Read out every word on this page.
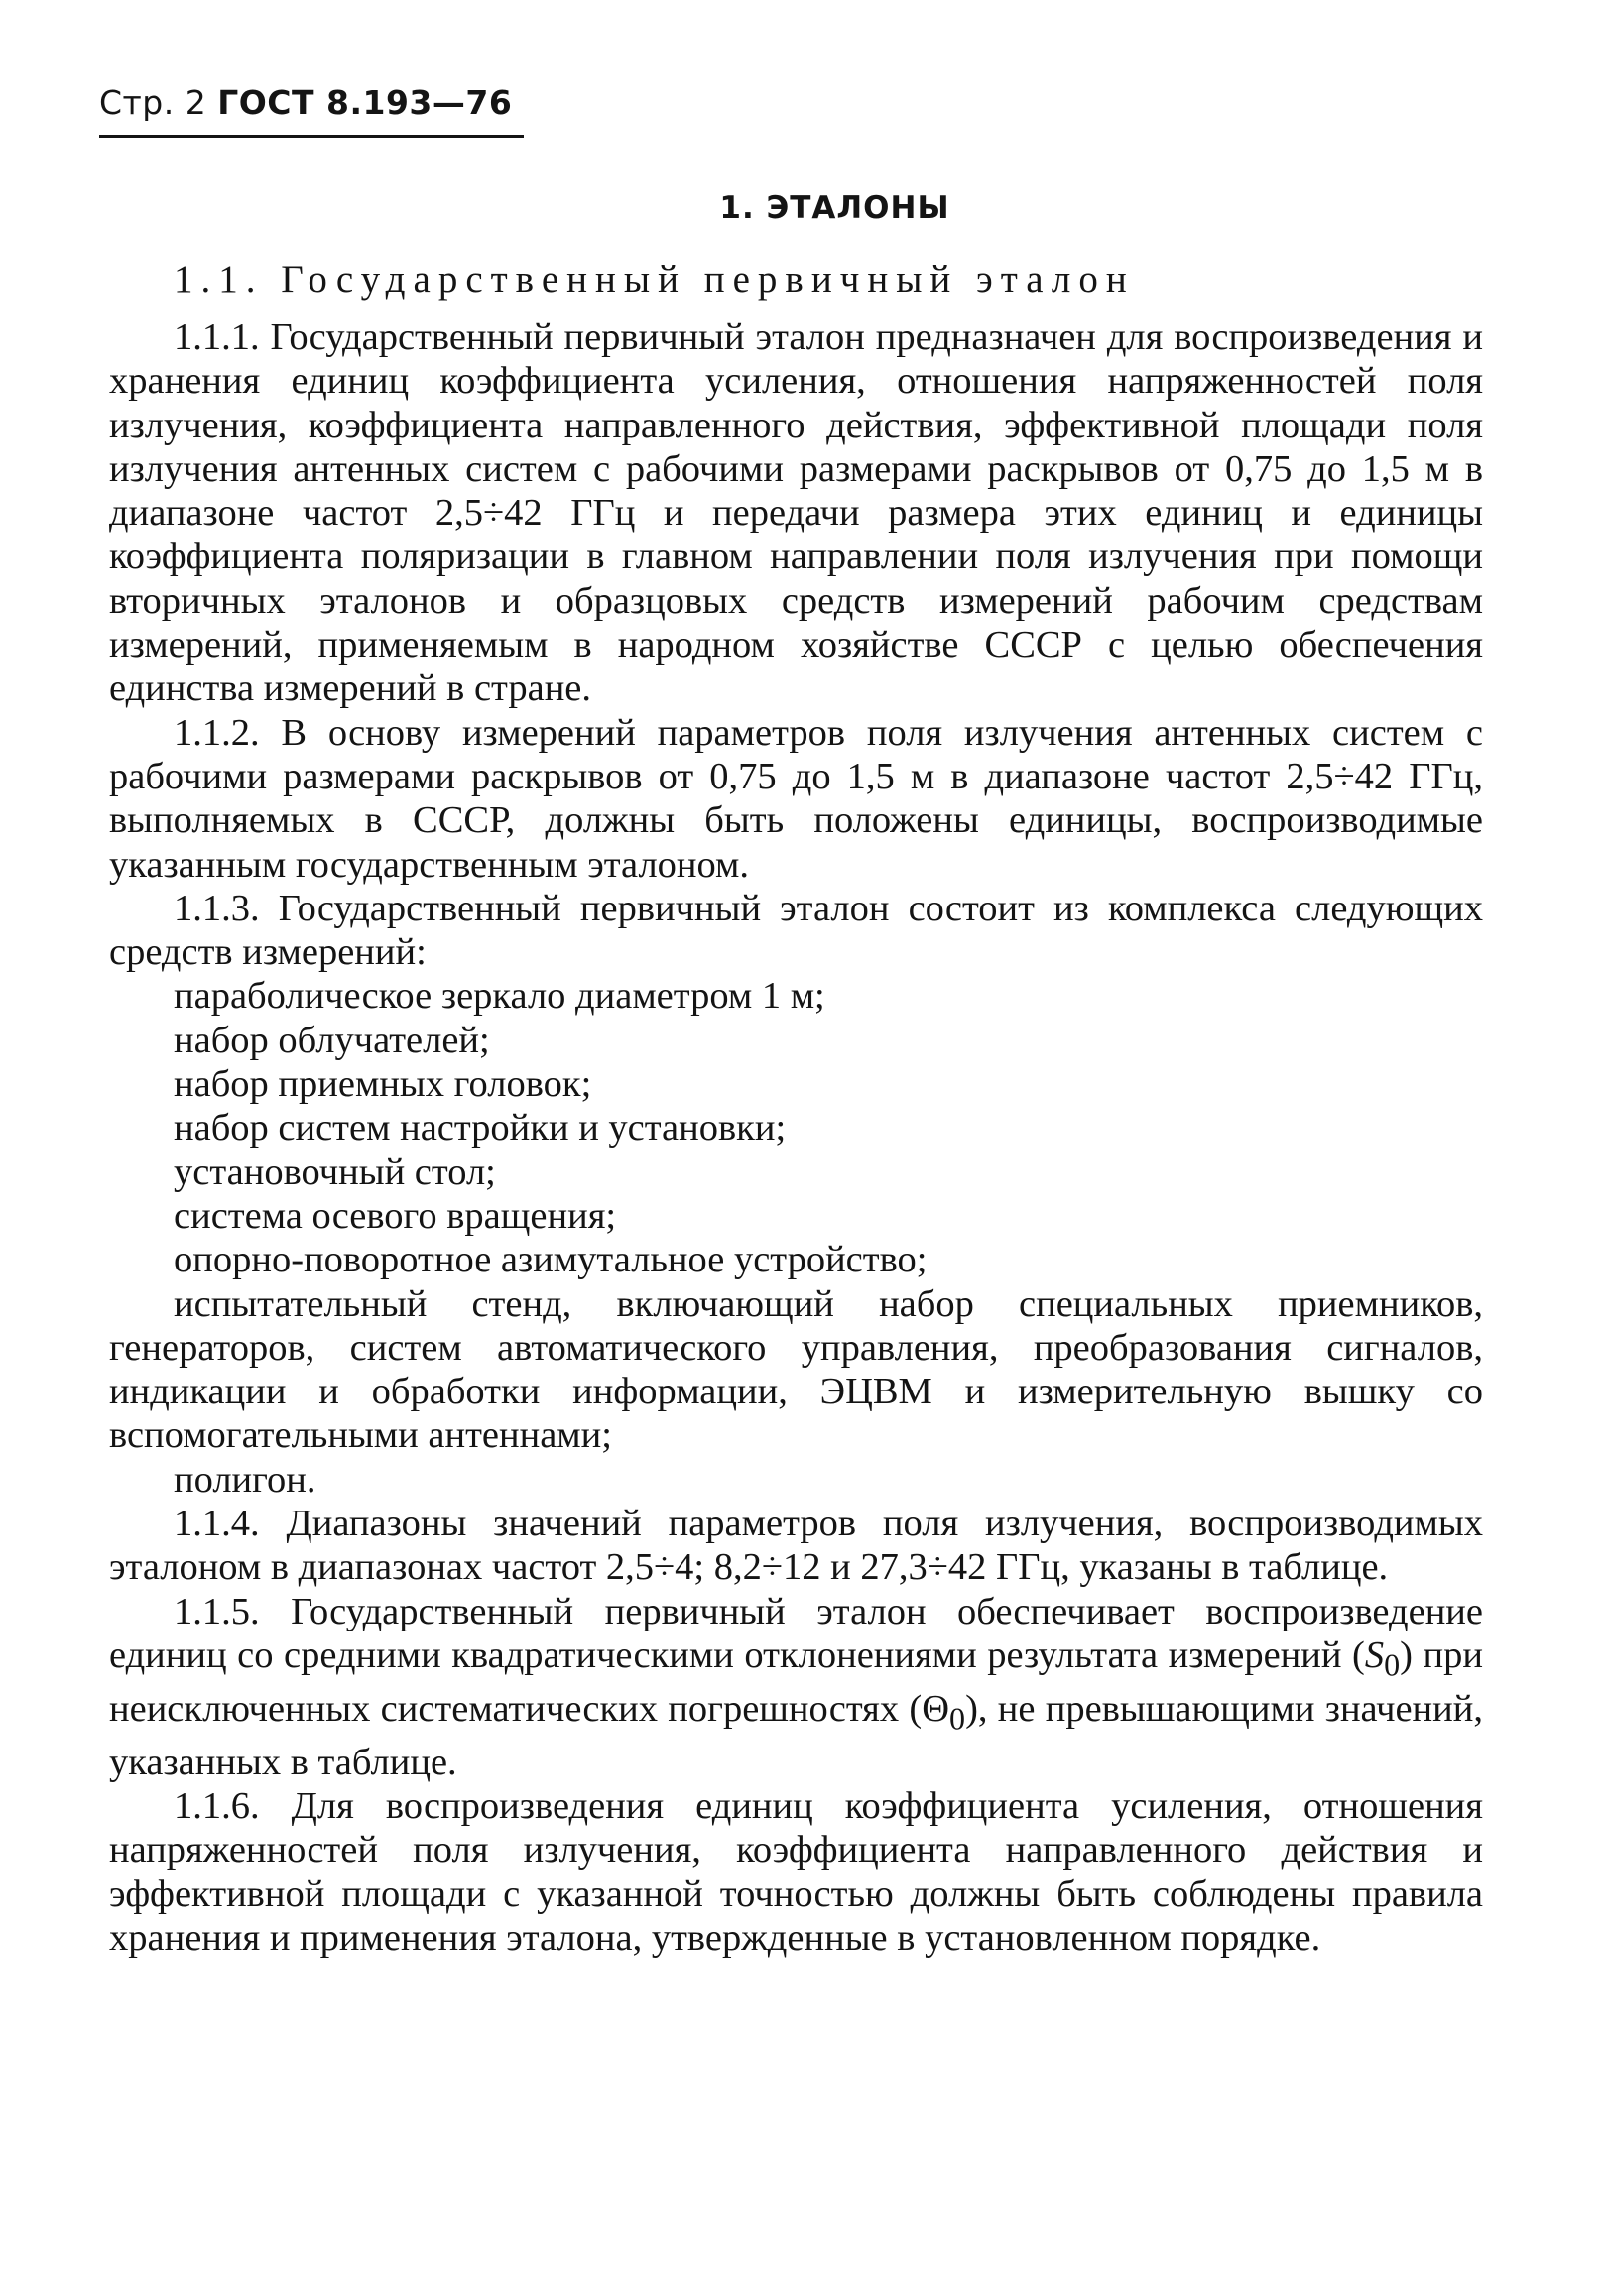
Стр. 2 ГОСТ 8.193—76
1. ЭТАЛОНЫ
1.1. Государственный первичный эталон

1.1.1. Государственный первичный эталон предназначен для воспроизведения и хранения единиц коэффициента усиления, отношения напряженностей поля излучения, коэффициента направленного действия, эффективной площади поля излучения антенных систем с рабочими размерами раскрывов от 0,75 до 1,5 м в диапазоне частот 2,5÷42 ГГц и передачи размера этих единиц и единицы коэффициента поляризации в главном направлении поля излучения при помощи вторичных эталонов и образцовых средств измерений рабочим средствам измерений, применяемым в народном хозяйстве СССР с целью обеспечения единства измерений в стране.

1.1.2. В основу измерений параметров поля излучения антенных систем с рабочими размерами раскрывов от 0,75 до 1,5 м в диапазоне частот 2,5÷42 ГГц, выполняемых в СССР, должны быть положены единицы, воспроизводимые указанным государственным эталоном.

1.1.3. Государственный первичный эталон состоит из комплекса следующих средств измерений:

параболическое зеркало диаметром 1 м;
набор облучателей;
набор приемных головок;
набор систем настройки и установки;
установочный стол;
система осевого вращения;
опорно-поворотное азимутальное устройство;
испытательный стенд, включающий набор специальных приемников, генераторов, систем автоматического управления, преобразования сигналов, индикации и обработки информации, ЭЦВМ и измерительную вышку со вспомогательными антеннами;
полигон.

1.1.4. Диапазоны значений параметров поля излучения, воспроизводимых эталоном в диапазонах частот 2,5÷4; 8,2÷12 и 27,3÷42 ГГц, указаны в таблице.

1.1.5. Государственный первичный эталон обеспечивает воспроизведение единиц со средними квадратическими отклонениями результата измерений $(S_0)$ при неисключенных систематических погрешностях $(\Theta_0)$, не превышающими значений, указанных в таблице.

1.1.6. Для воспроизведения единиц коэффициента усиления, отношения напряженностей поля излучения, коэффициента направленного действия и эффективной площади с указанной точностью должны быть соблюдены правила хранения и применения эталона, утвержденные в установленном порядке.
